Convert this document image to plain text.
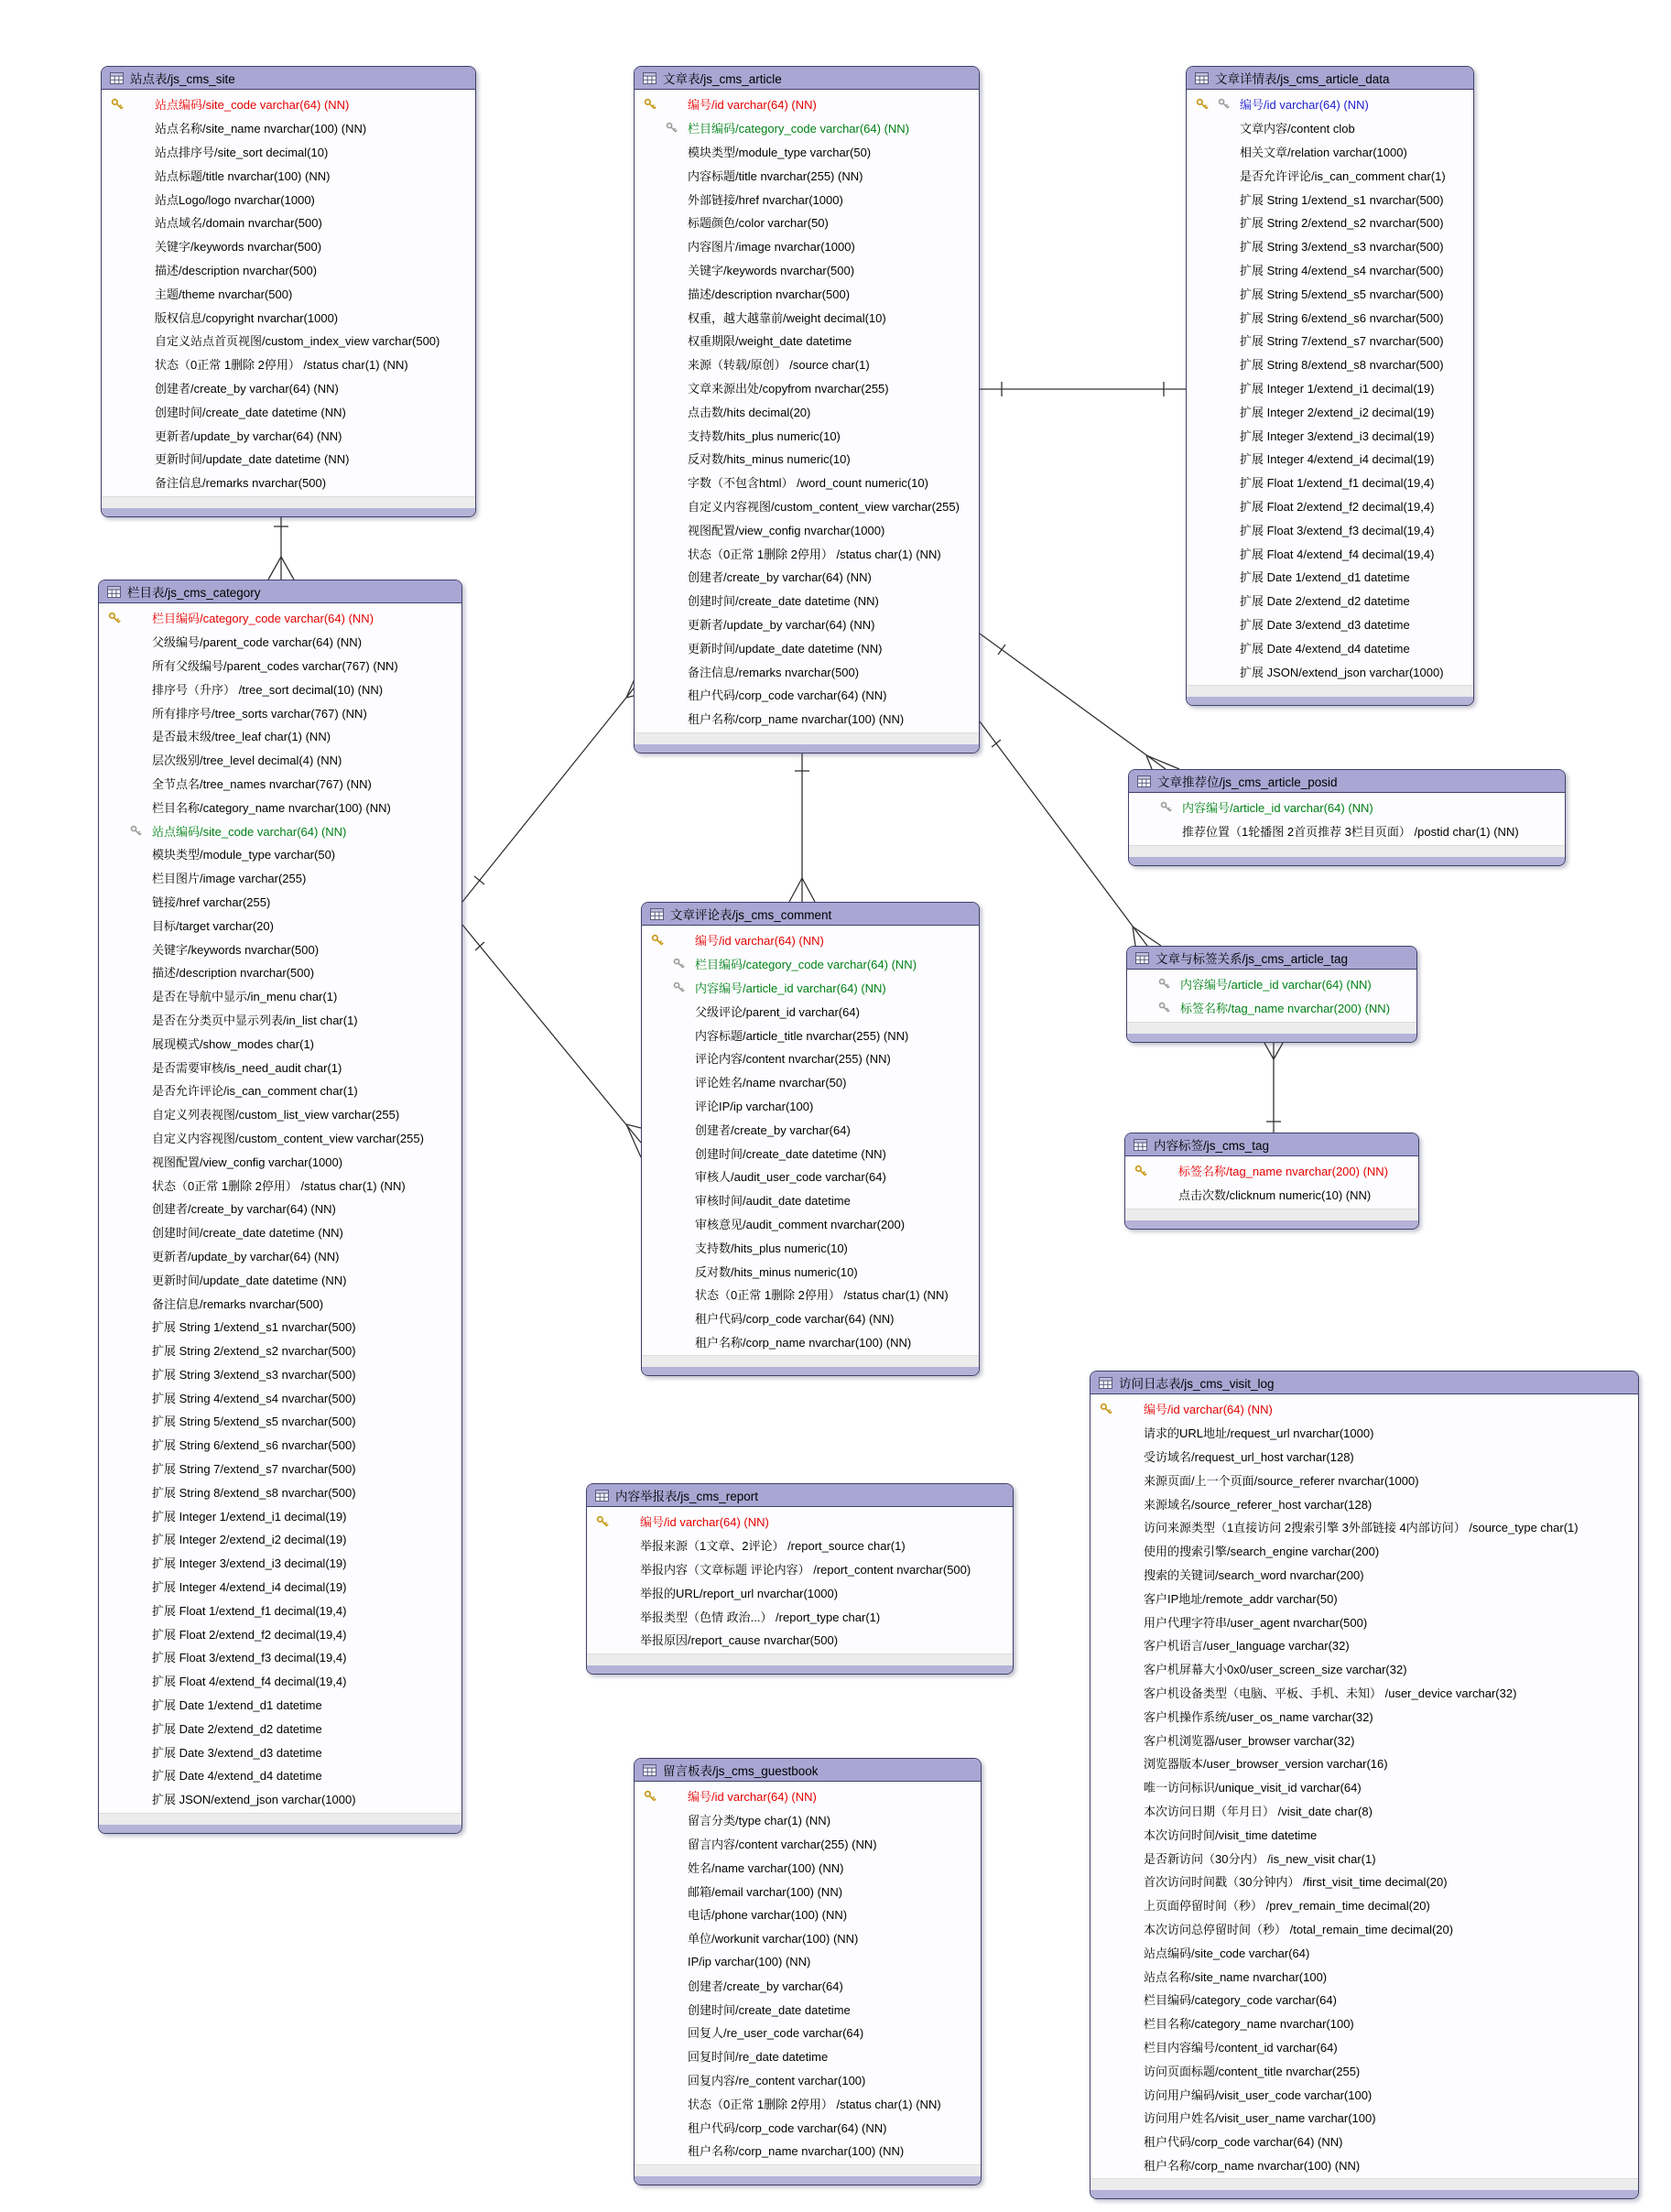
站点表/js_cms_site
站点编码/site_code varchar(64) (NN)
站点名称/site_name nvarchar(100) (NN)
站点排序号/site_sort decimal(10)
站点标题/title nvarchar(100) (NN)
站点Logo/logo nvarchar(1000)
站点域名/domain nvarchar(500)
关键字/keywords nvarchar(500)
描述/description nvarchar(500)
主题/theme nvarchar(500)
版权信息/copyright nvarchar(1000)
自定义站点首页视图/custom_index_view varchar(500)
状态（0正常 1删除 2停用） /status char(1) (NN)
创建者/create_by varchar(64) (NN)
创建时间/create_date datetime (NN)
更新者/update_by varchar(64) (NN)
更新时间/update_date datetime (NN)
备注信息/remarks nvarchar(500)
栏目表/js_cms_category
栏目编码/category_code varchar(64) (NN)
父级编号/parent_code varchar(64) (NN)
所有父级编号/parent_codes varchar(767) (NN)
排序号（升序） /tree_sort decimal(10) (NN)
所有排序号/tree_sorts varchar(767) (NN)
是否最末级/tree_leaf char(1) (NN)
层次级别/tree_level decimal(4) (NN)
全节点名/tree_names nvarchar(767) (NN)
栏目名称/category_name nvarchar(100) (NN)
站点编码/site_code varchar(64) (NN)
模块类型/module_type varchar(50)
栏目图片/image varchar(255)
链接/href varchar(255)
目标/target varchar(20)
关键字/keywords nvarchar(500)
描述/description nvarchar(500)
是否在导航中显示/in_menu char(1)
是否在分类页中显示列表/in_list char(1)
展现模式/show_modes char(1)
是否需要审核/is_need_audit char(1)
是否允许评论/is_can_comment char(1)
自定义列表视图/custom_list_view varchar(255)
自定义内容视图/custom_content_view varchar(255)
视图配置/view_config varchar(1000)
状态（0正常 1删除 2停用） /status char(1) (NN)
创建者/create_by varchar(64) (NN)
创建时间/create_date datetime (NN)
更新者/update_by varchar(64) (NN)
更新时间/update_date datetime (NN)
备注信息/remarks nvarchar(500)
扩展 String 1/extend_s1 nvarchar(500)
扩展 String 2/extend_s2 nvarchar(500)
扩展 String 3/extend_s3 nvarchar(500)
扩展 String 4/extend_s4 nvarchar(500)
扩展 String 5/extend_s5 nvarchar(500)
扩展 String 6/extend_s6 nvarchar(500)
扩展 String 7/extend_s7 nvarchar(500)
扩展 String 8/extend_s8 nvarchar(500)
扩展 Integer 1/extend_i1 decimal(19)
扩展 Integer 2/extend_i2 decimal(19)
扩展 Integer 3/extend_i3 decimal(19)
扩展 Integer 4/extend_i4 decimal(19)
扩展 Float 1/extend_f1 decimal(19,4)
扩展 Float 2/extend_f2 decimal(19,4)
扩展 Float 3/extend_f3 decimal(19,4)
扩展 Float 4/extend_f4 decimal(19,4)
扩展 Date 1/extend_d1 datetime
扩展 Date 2/extend_d2 datetime
扩展 Date 3/extend_d3 datetime
扩展 Date 4/extend_d4 datetime
扩展 JSON/extend_json varchar(1000)
文章表/js_cms_article
编号/id varchar(64) (NN)
栏目编码/category_code varchar(64) (NN)
模块类型/module_type varchar(50)
内容标题/title nvarchar(255) (NN)
外部链接/href nvarchar(1000)
标题颜色/color varchar(50)
内容图片/image nvarchar(1000)
关键字/keywords nvarchar(500)
描述/description nvarchar(500)
权重，越大越靠前/weight decimal(10)
权重期限/weight_date datetime
来源（转载/原创） /source char(1)
文章来源出处/copyfrom nvarchar(255)
点击数/hits decimal(20)
支持数/hits_plus numeric(10)
反对数/hits_minus numeric(10)
字数（不包含html） /word_count numeric(10)
自定义内容视图/custom_content_view varchar(255)
视图配置/view_config nvarchar(1000)
状态（0正常 1删除 2停用） /status char(1) (NN)
创建者/create_by varchar(64) (NN)
创建时间/create_date datetime (NN)
更新者/update_by varchar(64) (NN)
更新时间/update_date datetime (NN)
备注信息/remarks nvarchar(500)
租户代码/corp_code varchar(64) (NN)
租户名称/corp_name nvarchar(100) (NN)
文章详情表/js_cms_article_data
编号/id varchar(64) (NN)
文章内容/content clob
相关文章/relation varchar(1000)
是否允许评论/is_can_comment char(1)
扩展 String 1/extend_s1 nvarchar(500)
扩展 String 2/extend_s2 nvarchar(500)
扩展 String 3/extend_s3 nvarchar(500)
扩展 String 4/extend_s4 nvarchar(500)
扩展 String 5/extend_s5 nvarchar(500)
扩展 String 6/extend_s6 nvarchar(500)
扩展 String 7/extend_s7 nvarchar(500)
扩展 String 8/extend_s8 nvarchar(500)
扩展 Integer 1/extend_i1 decimal(19)
扩展 Integer 2/extend_i2 decimal(19)
扩展 Integer 3/extend_i3 decimal(19)
扩展 Integer 4/extend_i4 decimal(19)
扩展 Float 1/extend_f1 decimal(19,4)
扩展 Float 2/extend_f2 decimal(19,4)
扩展 Float 3/extend_f3 decimal(19,4)
扩展 Float 4/extend_f4 decimal(19,4)
扩展 Date 1/extend_d1 datetime
扩展 Date 2/extend_d2 datetime
扩展 Date 3/extend_d3 datetime
扩展 Date 4/extend_d4 datetime
扩展 JSON/extend_json varchar(1000)
文章推荐位/js_cms_article_posid
内容编号/article_id varchar(64) (NN)
推荐位置（1轮播图 2首页推荐 3栏目页面） /postid char(1) (NN)
文章与标签关系/js_cms_article_tag
内容编号/article_id varchar(64) (NN)
标签名称/tag_name nvarchar(200) (NN)
内容标签/js_cms_tag
标签名称/tag_name nvarchar(200) (NN)
点击次数/clicknum numeric(10) (NN)
文章评论表/js_cms_comment
编号/id varchar(64) (NN)
栏目编码/category_code varchar(64) (NN)
内容编号/article_id varchar(64) (NN)
父级评论/parent_id varchar(64)
内容标题/article_title nvarchar(255) (NN)
评论内容/content nvarchar(255) (NN)
评论姓名/name nvarchar(50)
评论IP/ip varchar(100)
创建者/create_by varchar(64)
创建时间/create_date datetime (NN)
审核人/audit_user_code varchar(64)
审核时间/audit_date datetime
审核意见/audit_comment nvarchar(200)
支持数/hits_plus numeric(10)
反对数/hits_minus numeric(10)
状态（0正常 1删除 2停用） /status char(1) (NN)
租户代码/corp_code varchar(64) (NN)
租户名称/corp_name nvarchar(100) (NN)
内容举报表/js_cms_report
编号/id varchar(64) (NN)
举报来源（1文章、2评论） /report_source char(1)
举报内容（文章标题 评论内容） /report_content nvarchar(500)
举报的URL/report_url nvarchar(1000)
举报类型（色情 政治...） /report_type char(1)
举报原因/report_cause nvarchar(500)
留言板表/js_cms_guestbook
编号/id varchar(64) (NN)
留言分类/type char(1) (NN)
留言内容/content varchar(255) (NN)
姓名/name varchar(100) (NN)
邮箱/email varchar(100) (NN)
电话/phone varchar(100) (NN)
单位/workunit varchar(100) (NN)
IP/ip varchar(100) (NN)
创建者/create_by varchar(64)
创建时间/create_date datetime
回复人/re_user_code varchar(64)
回复时间/re_date datetime
回复内容/re_content varchar(100)
状态（0正常 1删除 2停用） /status char(1) (NN)
租户代码/corp_code varchar(64) (NN)
租户名称/corp_name nvarchar(100) (NN)
访问日志表/js_cms_visit_log
编号/id varchar(64) (NN)
请求的URL地址/request_url nvarchar(1000)
受访域名/request_url_host varchar(128)
来源页面/上一个页面/source_referer nvarchar(1000)
来源域名/source_referer_host varchar(128)
访问来源类型（1直接访问 2搜索引擎 3外部链接 4内部访问） /source_type char(1)
使用的搜索引擎/search_engine varchar(200)
搜索的关键词/search_word nvarchar(200)
客户IP地址/remote_addr varchar(50)
用户代理字符串/user_agent nvarchar(500)
客户机语言/user_language varchar(32)
客户机屏幕大小0x0/user_screen_size varchar(32)
客户机设备类型（电脑、平板、手机、未知） /user_device varchar(32)
客户机操作系统/user_os_name varchar(32)
客户机浏览器/user_browser varchar(32)
浏览器版本/user_browser_version varchar(16)
唯一访问标识/unique_visit_id varchar(64)
本次访问日期（年月日） /visit_date char(8)
本次访问时间/visit_time datetime
是否新访问（30分内） /is_new_visit char(1)
首次访问时间戳（30分钟内） /first_visit_time decimal(20)
上页面停留时间（秒） /prev_remain_time decimal(20)
本次访问总停留时间（秒） /total_remain_time decimal(20)
站点编码/site_code varchar(64)
站点名称/site_name nvarchar(100)
栏目编码/category_code varchar(64)
栏目名称/category_name nvarchar(100)
栏目内容编号/content_id varchar(64)
访问页面标题/content_title nvarchar(255)
访问用户编码/visit_user_code varchar(100)
访问用户姓名/visit_user_name varchar(100)
租户代码/corp_code varchar(64) (NN)
租户名称/corp_name nvarchar(100) (NN)
